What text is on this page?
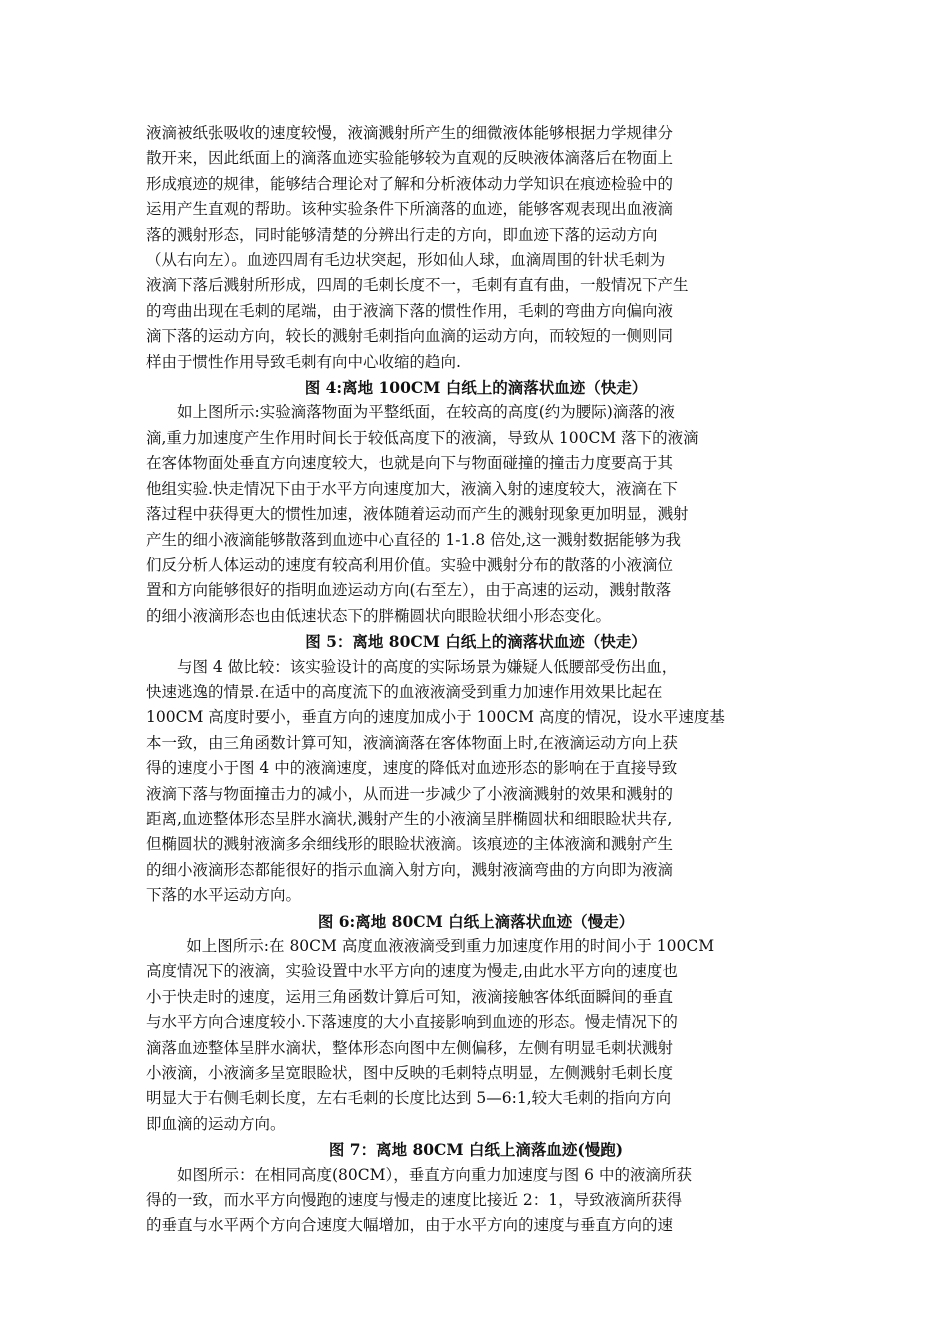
液滴被纸张吸收的速度较慢，液滴溅射所产生的细微液体能够根据力学规律分
散开来，因此纸面上的滴落血迹实验能够较为直观的反映液体滴落后在物面上
形成痕迹的规律，能够结合理论对了解和分析液体动力学知识在痕迹检验中的
运用产生直观的帮助。该种实验条件下所滴落的血迹，能够客观表现出血液滴
落的溅射形态，同时能够清楚的分辨出行走的方向，即血迹下落的运动方向
（从右向左）。血迹四周有毛边状突起，形如仙人球，血滴周围的针状毛刺为
液滴下落后溅射所形成，四周的毛刺长度不一，毛刺有直有曲，一般情况下产生
的弯曲出现在毛刺的尾端，由于液滴下落的惯性作用，毛刺的弯曲方向偏向液
滴下落的运动方向，较长的溅射毛刺指向血滴的运动方向，而较短的一侧则同
样由于惯性作用导致毛刺有向中心收缩的趋向.
图 4:离地 100CM 白纸上的滴落状血迹（快走）
如上图所示:实验滴落物面为平整纸面，在较高的高度(约为腰际)滴落的液
滴,重力加速度产生作用时间长于较低高度下的液滴，导致从 100CM 落下的液滴
在客体物面处垂直方向速度较大，也就是向下与物面碰撞的撞击力度要高于其
他组实验.快走情况下由于水平方向速度加大，液滴入射的速度较大，液滴在下
落过程中获得更大的惯性加速，液体随着运动而产生的溅射现象更加明显，溅射
产生的细小液滴能够散落到血迹中心直径的 1-1.8 倍处,这一溅射数据能够为我
们反分析人体运动的速度有较高利用价值。实验中溅射分布的散落的小液滴位
置和方向能够很好的指明血迹运动方向(右至左），由于高速的运动，溅射散落
的细小液滴形态也由低速状态下的胖椭圆状向眼睑状细小形态变化。
图 5：离地 80CM 白纸上的滴落状血迹（快走）
与图 4 做比较：该实验设计的高度的实际场景为嫌疑人低腰部受伤出血，
快速逃逸的情景.在适中的高度流下的血液液滴受到重力加速作用效果比起在
100CM 高度时要小，垂直方向的速度加成小于 100CM 高度的情况，设水平速度基
本一致，由三角函数计算可知，液滴滴落在客体物面上时,在液滴运动方向上获
得的速度小于图 4 中的液滴速度，速度的降低对血迹形态的影响在于直接导致
液滴下落与物面撞击力的减小，从而进一步减少了小液滴溅射的效果和溅射的
距离,血迹整体形态呈胖水滴状,溅射产生的小液滴呈胖椭圆状和细眼睑状共存,
但椭圆状的溅射液滴多余细线形的眼睑状液滴。该痕迹的主体液滴和溅射产生
的细小液滴形态都能很好的指示血滴入射方向，溅射液滴弯曲的方向即为液滴
下落的水平运动方向。
图 6:离地 80CM 白纸上滴落状血迹（慢走）
如上图所示:在 80CM 高度血液液滴受到重力加速度作用的时间小于 100CM
高度情况下的液滴，实验设置中水平方向的速度为慢走,由此水平方向的速度也
小于快走时的速度，运用三角函数计算后可知，液滴接触客体纸面瞬间的垂直
与水平方向合速度较小.下落速度的大小直接影响到血迹的形态。慢走情况下的
滴落血迹整体呈胖水滴状，整体形态向图中左侧偏移，左侧有明显毛刺状溅射
小液滴，小液滴多呈宽眼睑状，图中反映的毛刺特点明显，左侧溅射毛刺长度
明显大于右侧毛刺长度，左右毛刺的长度比达到 5—6:1,较大毛刺的指向方向
即血滴的运动方向。
图 7：离地 80CM 白纸上滴落血迹(慢跑)
如图所示：在相同高度(80CM），垂直方向重力加速度与图 6 中的液滴所获
得的一致，而水平方向慢跑的速度与慢走的速度比接近 2：1，导致液滴所获得
的垂直与水平两个方向合速度大幅增加，由于水平方向的速度与垂直方向的速
